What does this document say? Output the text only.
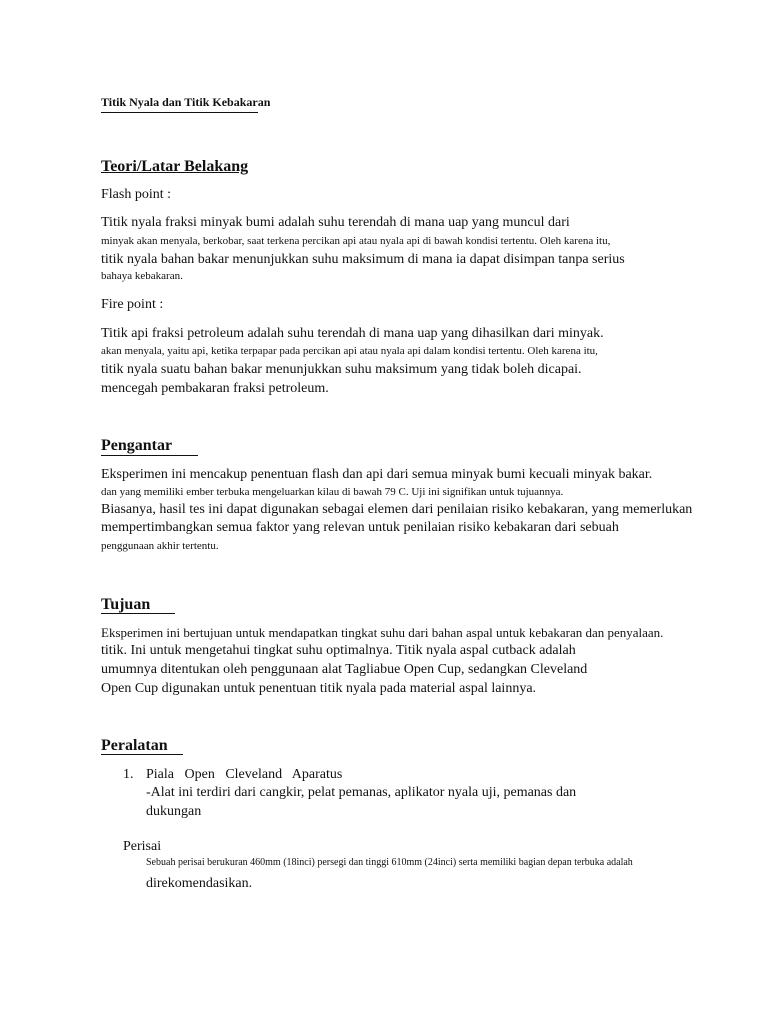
Titik Nyala dan Titik Kebakaran
Teori/Latar Belakang
Flash point :
Titik nyala fraksi minyak bumi adalah suhu terendah di mana uap yang muncul dari
minyak akan menyala, berkobar, saat terkena percikan api atau nyala api di bawah kondisi tertentu. Oleh karena itu,
titik nyala bahan bakar menunjukkan suhu maksimum di mana ia dapat disimpan tanpa serius
bahaya kebakaran.
Fire point :
Titik api fraksi petroleum adalah suhu terendah di mana uap yang dihasilkan dari minyak.
akan menyala, yaitu api, ketika terpapar pada percikan api atau nyala api dalam kondisi tertentu. Oleh karena itu,
titik nyala suatu bahan bakar menunjukkan suhu maksimum yang tidak boleh dicapai.
mencegah pembakaran fraksi petroleum.
Pengantar
Eksperimen ini mencakup penentuan flash dan api dari semua minyak bumi kecuali minyak bakar.
dan yang memiliki ember terbuka mengeluarkan kilau di bawah 79 C. Uji ini signifikan untuk tujuannya.
Biasanya, hasil tes ini dapat digunakan sebagai elemen dari penilaian risiko kebakaran, yang memerlukan
mempertimbangkan semua faktor yang relevan untuk penilaian risiko kebakaran dari sebuah
penggunaan akhir tertentu.
Tujuan
Eksperimen ini bertujuan untuk mendapatkan tingkat suhu dari bahan aspal untuk kebakaran dan penyalaan.
titik. Ini untuk mengetahui tingkat suhu optimalnya. Titik nyala aspal cutback adalah
umumnya ditentukan oleh penggunaan alat Tagliabue Open Cup, sedangkan Cleveland
Open Cup digunakan untuk penentuan titik nyala pada material aspal lainnya.
Peralatan
1. Piala   Open   Cleveland   Aparatus
-Alat ini terdiri dari cangkir, pelat pemanas, aplikator nyala uji, pemanas dan
dukungan
Perisai
Sebuah perisai berukuran 460mm (18inci) persegi dan tinggi 610mm (24inci) serta memiliki bagian depan terbuka adalah
direkomendasikan.
